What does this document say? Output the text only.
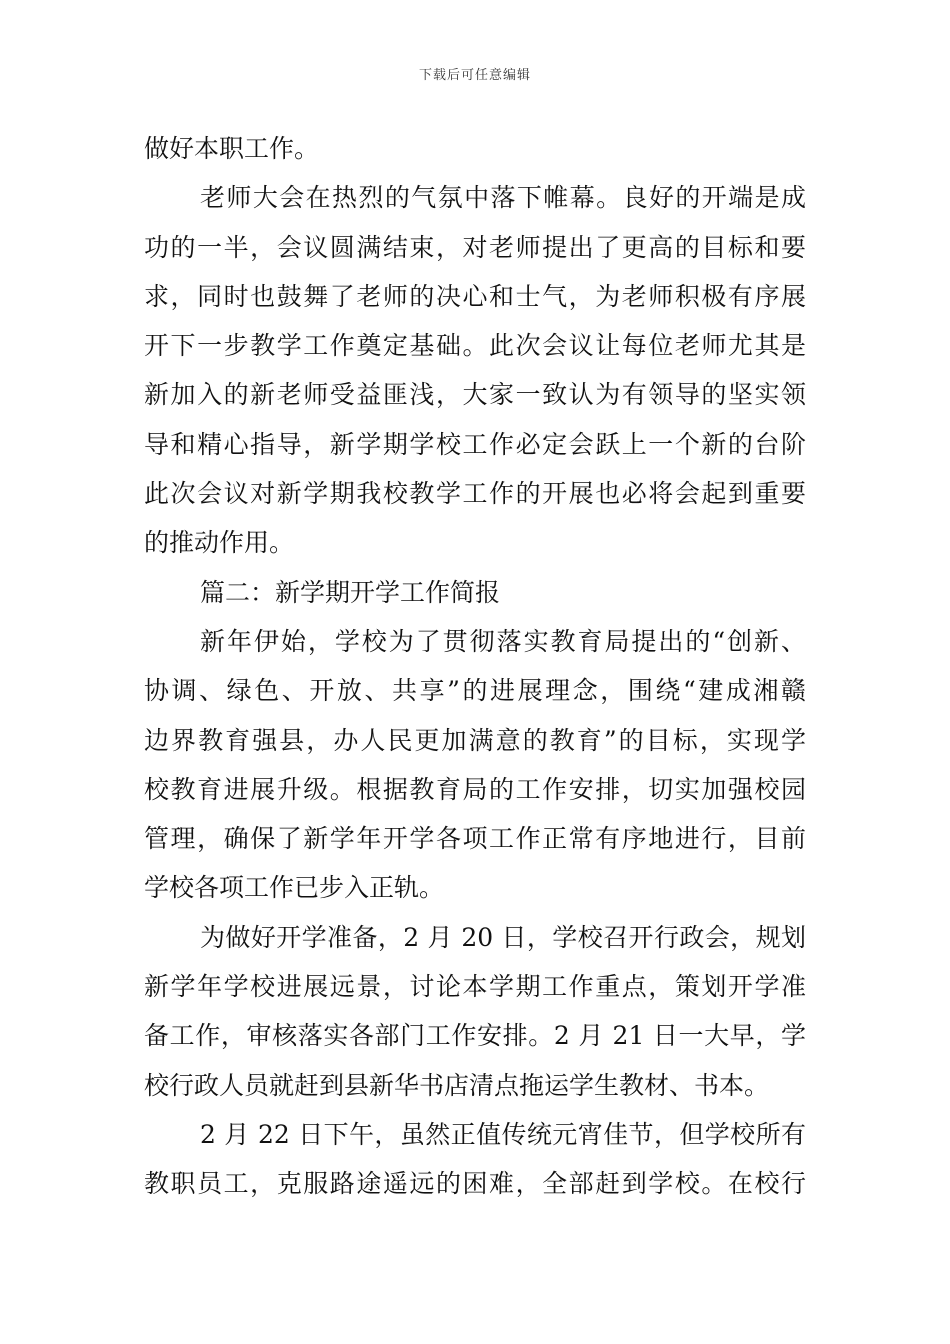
下载后可任意编辑
做好本职工作。
老师大会在热烈的气氛中落下帷幕。良好的开端是成
功的一半，会议圆满结束，对老师提出了更高的目标和要
求，同时也鼓舞了老师的决心和士气，为老师积极有序展
开下一步教学工作奠定基础。此次会议让每位老师尤其是
新加入的新老师受益匪浅，大家一致认为有领导的坚实领
导和精心指导，新学期学校工作必定会跃上一个新的台阶
此次会议对新学期我校教学工作的开展也必将会起到重要
的推动作用。
篇二：新学期开学工作简报
新年伊始，学校为了贯彻落实教育局提出的“创新、
协调、绿色、开放、共享”的进展理念，围绕“建成湘赣
边界教育强县，办人民更加满意的教育”的目标，实现学
校教育进展升级。根据教育局的工作安排，切实加强校园
管理，确保了新学年开学各项工作正常有序地进行，目前
学校各项工作已步入正轨。
为做好开学准备，2 月 20 日，学校召开行政会，规划
新学年学校进展远景，讨论本学期工作重点，策划开学准
备工作，审核落实各部门工作安排。2 月 21 日一大早，学
校行政人员就赶到县新华书店清点拖运学生教材、书本。
2 月 22 日下午，虽然正值传统元宵佳节，但学校所有
教职员工，克服路途遥远的困难，全部赶到学校。在校行
